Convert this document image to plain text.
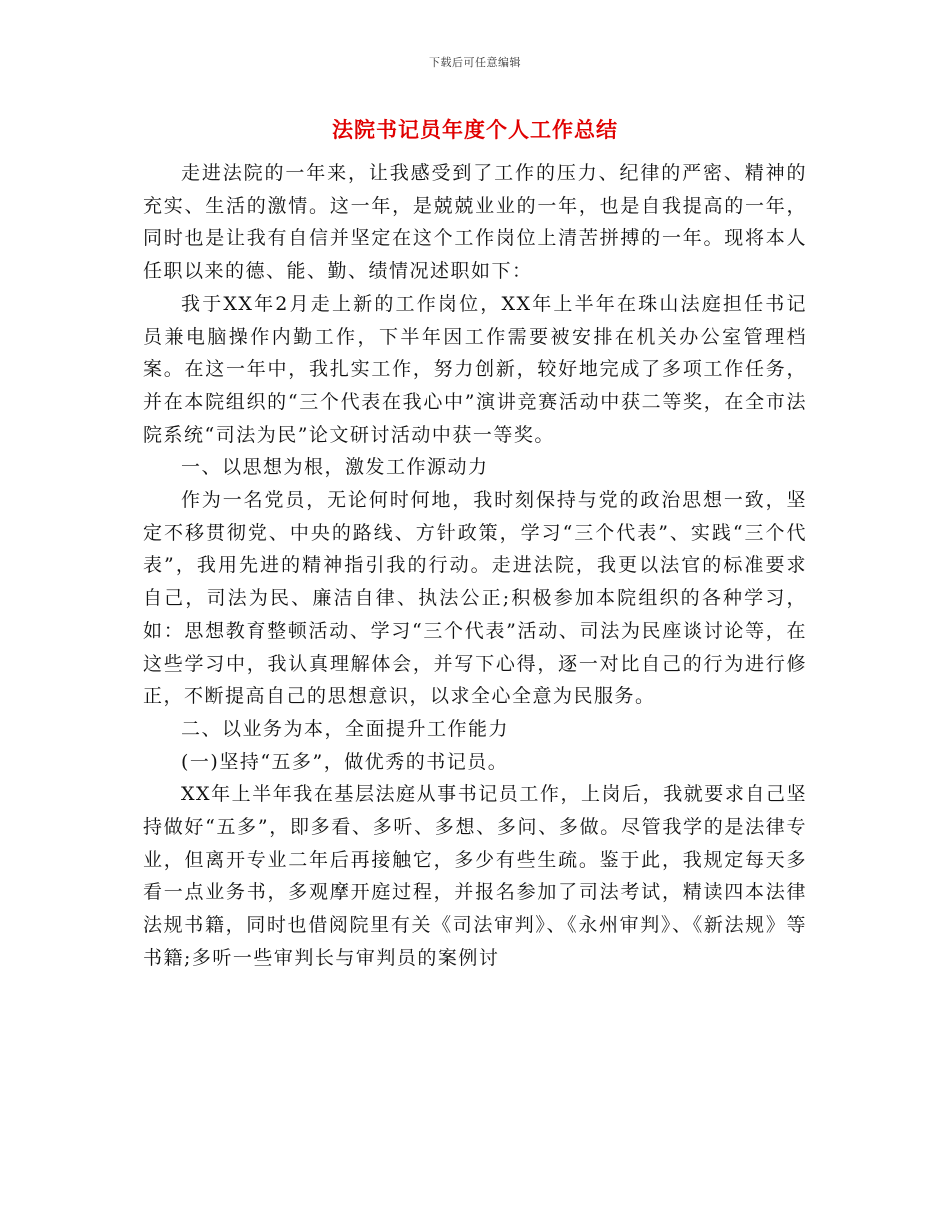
下载后可任意编辑
法院书记员年度个人工作总结

走进法院的一年来，让我感受到了工作的压力、纪律的严密、精神的充实、生活的激情。这一年，是兢兢业业的一年，也是自我提高的一年，同时也是让我有自信并坚定在这个工作岗位上清苦拼搏的一年。现将本人任职以来的德、能、勤、绩情况述职如下：

我于XX年2月走上新的工作岗位，XX年上半年在珠山法庭担任书记员兼电脑操作内勤工作，下半年因工作需要被安排在机关办公室管理档案。在这一年中，我扎实工作，努力创新，较好地完成了多项工作任务，并在本院组织的“三个代表在我心中”演讲竞赛活动中获二等奖，在全市法院系统“司法为民”论文研讨活动中获一等奖。

一、以思想为根，激发工作源动力

作为一名党员，无论何时何地，我时刻保持与党的政治思想一致，坚定不移贯彻党、中央的路线、方针政策，学习“三个代表”、实践“三个代表”，我用先进的精神指引我的行动。走进法院，我更以法官的标准要求自己，司法为民、廉洁自律、执法公正;积极参加本院组织的各种学习，如：思想教育整顿活动、学习“三个代表”活动、司法为民座谈讨论等，在这些学习中，我认真理解体会，并写下心得，逐一对比自己的行为进行修正，不断提高自己的思想意识，以求全心全意为民服务。

二、以业务为本，全面提升工作能力

(一)坚持“五多”，做优秀的书记员。

XX年上半年我在基层法庭从事书记员工作，上岗后，我就要求自己坚持做好“五多”，即多看、多听、多想、多问、多做。尽管我学的是法律专业，但离开专业二年后再接触它，多少有些生疏。鉴于此，我规定每天多看一点业务书，多观摩开庭过程，并报名参加了司法考试，精读四本法律法规书籍，同时也借阅院里有关《司法审判》、《永州审判》、《新法规》等书籍;多听一些审判长与审判员的案例讨
